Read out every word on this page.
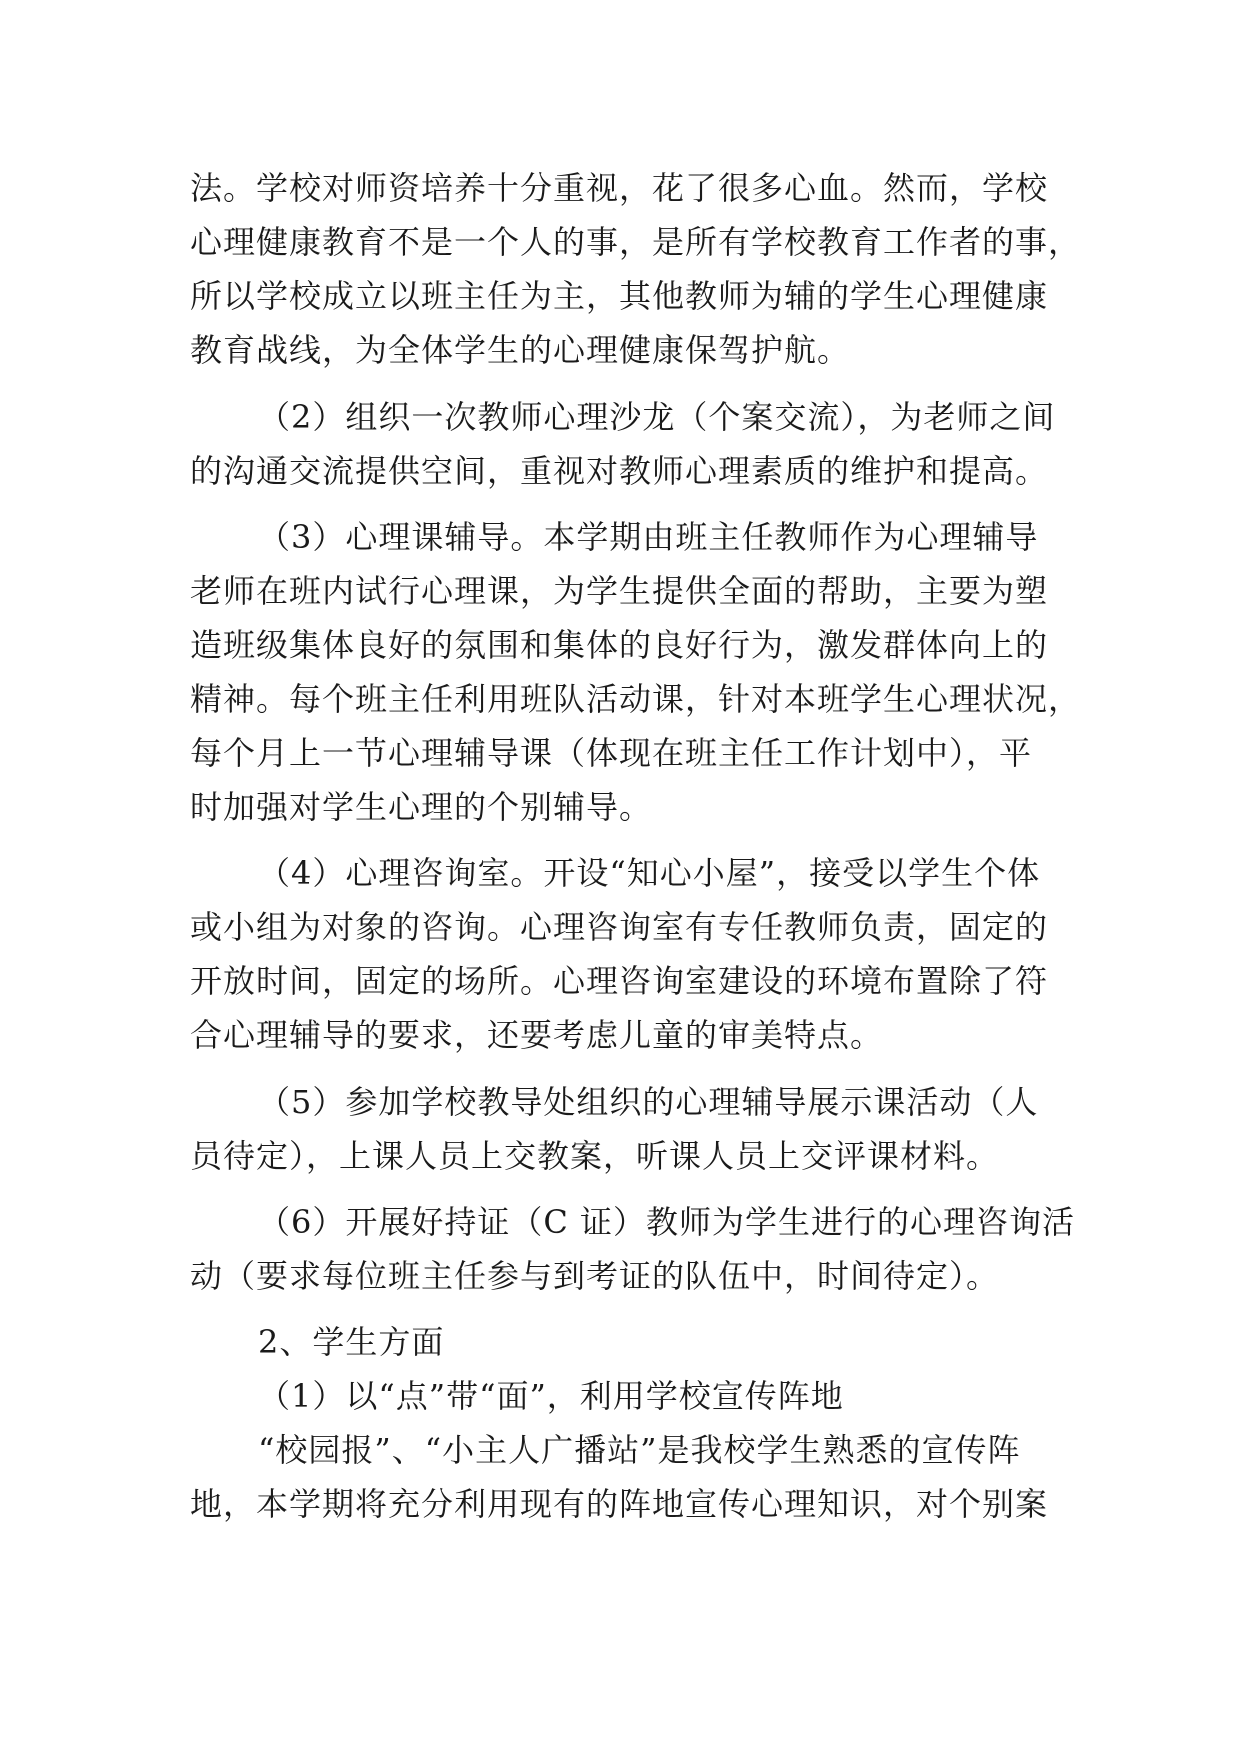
法。学校对师资培养十分重视，花了很多心血。然而，学校
心理健康教育不是一个人的事，是所有学校教育工作者的事，
所以学校成立以班主任为主，其他教师为辅的学生心理健康
教育战线，为全体学生的心理健康保驾护航。
（2）组织一次教师心理沙龙（个案交流），为老师之间
的沟通交流提供空间，重视对教师心理素质的维护和提高。
（3）心理课辅导。本学期由班主任教师作为心理辅导
老师在班内试行心理课，为学生提供全面的帮助，主要为塑
造班级集体良好的氛围和集体的良好行为，激发群体向上的
精神。每个班主任利用班队活动课，针对本班学生心理状况，
每个月上一节心理辅导课（体现在班主任工作计划中），平
时加强对学生心理的个别辅导。
（4）心理咨询室。开设“知心小屋”，接受以学生个体
或小组为对象的咨询。心理咨询室有专任教师负责，固定的
开放时间，固定的场所。心理咨询室建设的环境布置除了符
合心理辅导的要求，还要考虑儿童的审美特点。
（5）参加学校教导处组织的心理辅导展示课活动（人
员待定），上课人员上交教案，听课人员上交评课材料。
（6）开展好持证（C 证）教师为学生进行的心理咨询活
动（要求每位班主任参与到考证的队伍中，时间待定）。
2、学生方面
（1）以“点”带“面”，利用学校宣传阵地
“校园报”、“小主人广播站”是我校学生熟悉的宣传阵
地，本学期将充分利用现有的阵地宣传心理知识，对个别案
